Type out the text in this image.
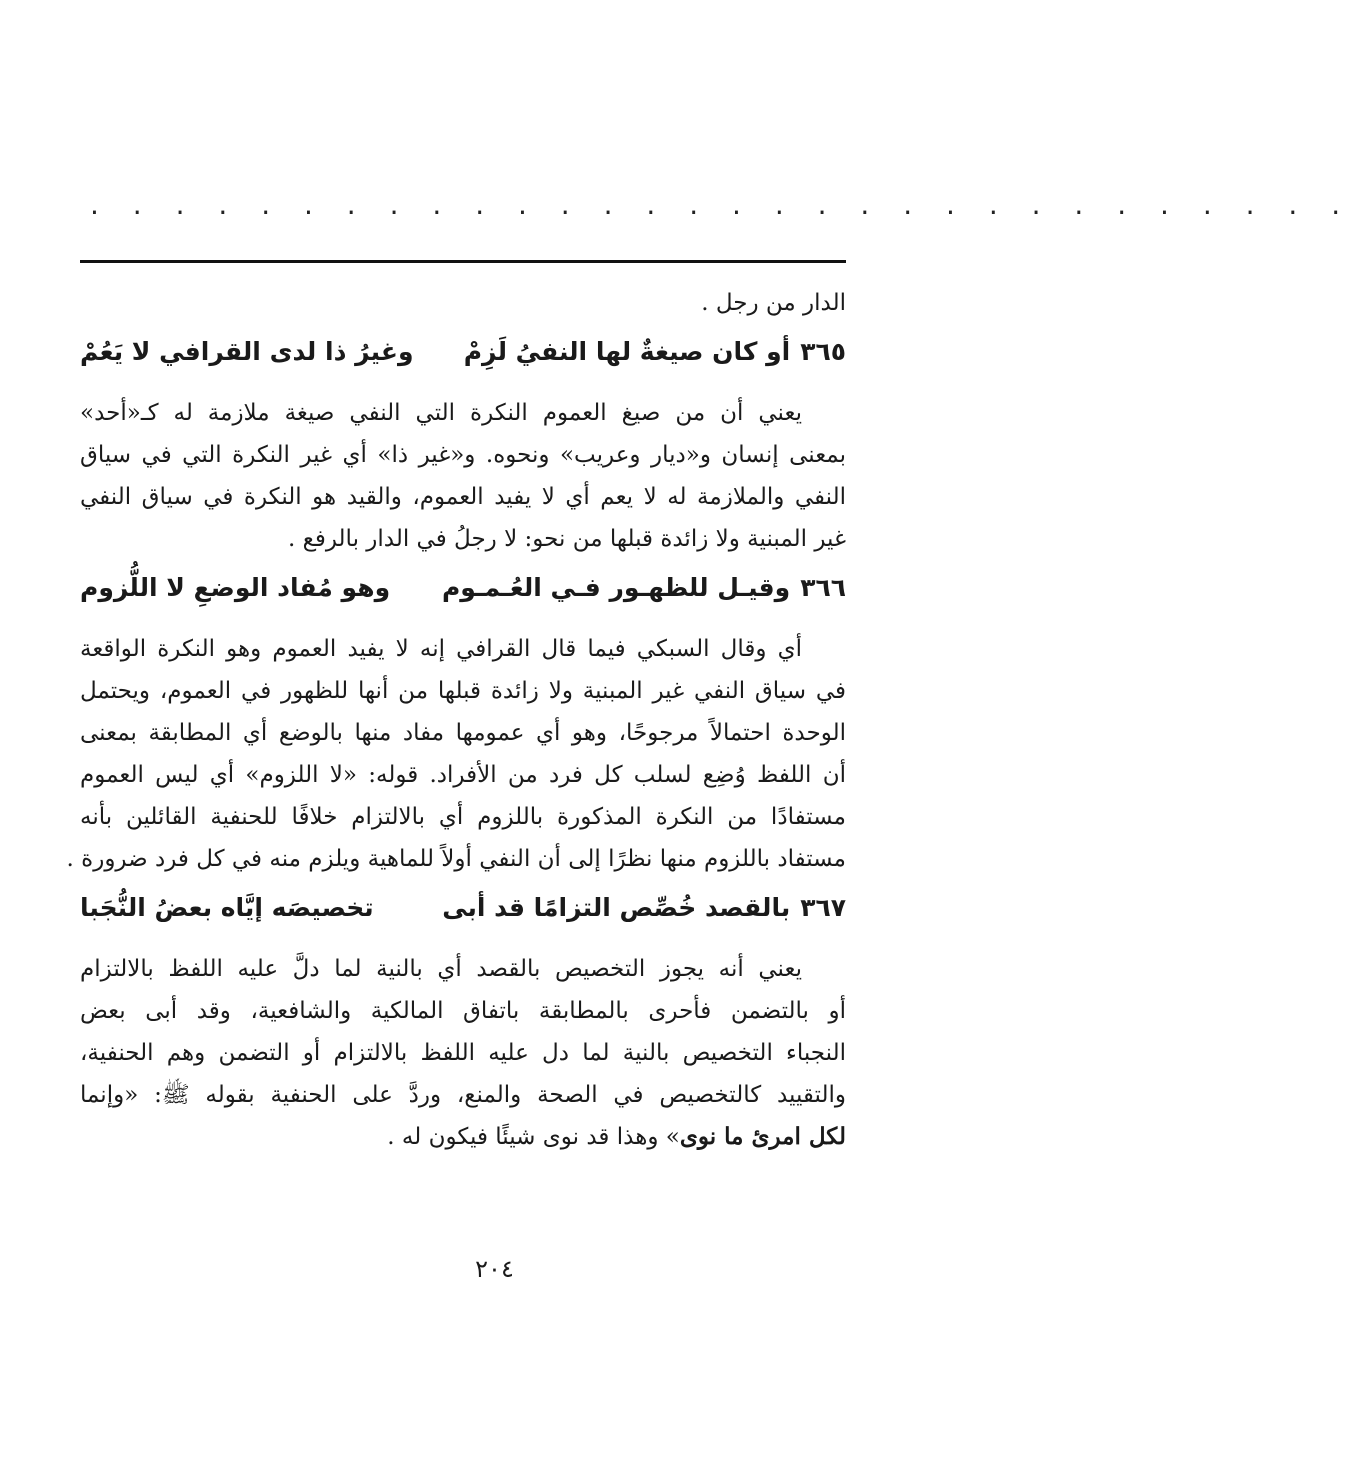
. . . . . . . . . . . . . . . . . . . . . . . . . . . . . .
الدار من رجل .
٣٦٥
أو كان صيغةٌ لها النفيُ لَزِمْ
وغيرُ ذا لدى القرافي لا يَعُمْ
يعني أن من صيغ العموم النكرة التي النفي صيغة ملازمة له كـ«أحد»
بمعنى إنسان و«ديار وعريب» ونحوه. و«غير ذا» أي غير النكرة التي في سياق
النفي والملازمة له لا يعم أي لا يفيد العموم، والقيد هو النكرة في سياق النفي
غير المبنية ولا زائدة قبلها من نحو: لا رجلُ في الدار بالرفع .
٣٦٦
وقيـل للظهـور فـي العُـمـوم
وهو مُفاد الوضعِ لا اللُّزوم
أي وقال السبكي فيما قال القرافي إنه لا يفيد العموم وهو النكرة الواقعة
في سياق النفي غير المبنية ولا زائدة قبلها من أنها للظهور في العموم، ويحتمل
الوحدة احتمالاً مرجوحًا، وهو أي عمومها مفاد منها بالوضع أي المطابقة بمعنى
أن اللفظ وُضِع لسلب كل فرد من الأفراد. قوله: «لا اللزوم» أي ليس العموم
مستفادًا من النكرة المذكورة باللزوم أي بالالتزام خلافًا للحنفية القائلين بأنه
مستفاد باللزوم منها نظرًا إلى أن النفي أولاً للماهية ويلزم منه في كل فرد ضرورة .
٣٦٧
بالقصد خُصِّص التزامًا قد أبى
تخصيصَه إيَّاه بعضُ النُّجَبا
يعني أنه يجوز التخصيص بالقصد أي بالنية لما دلَّ عليه اللفظ بالالتزام
أو بالتضمن فأحرى بالمطابقة باتفاق المالكية والشافعية، وقد أبى بعض
النجباء التخصيص بالنية لما دل عليه اللفظ بالالتزام أو التضمن وهم الحنفية،
والتقييد كالتخصيص في الصحة والمنع، وردَّ على الحنفية بقوله ﷺ: «وإنما
لكل امرئ ما نوى» وهذا قد نوى شيئًا فيكون له .
٢٠٤
